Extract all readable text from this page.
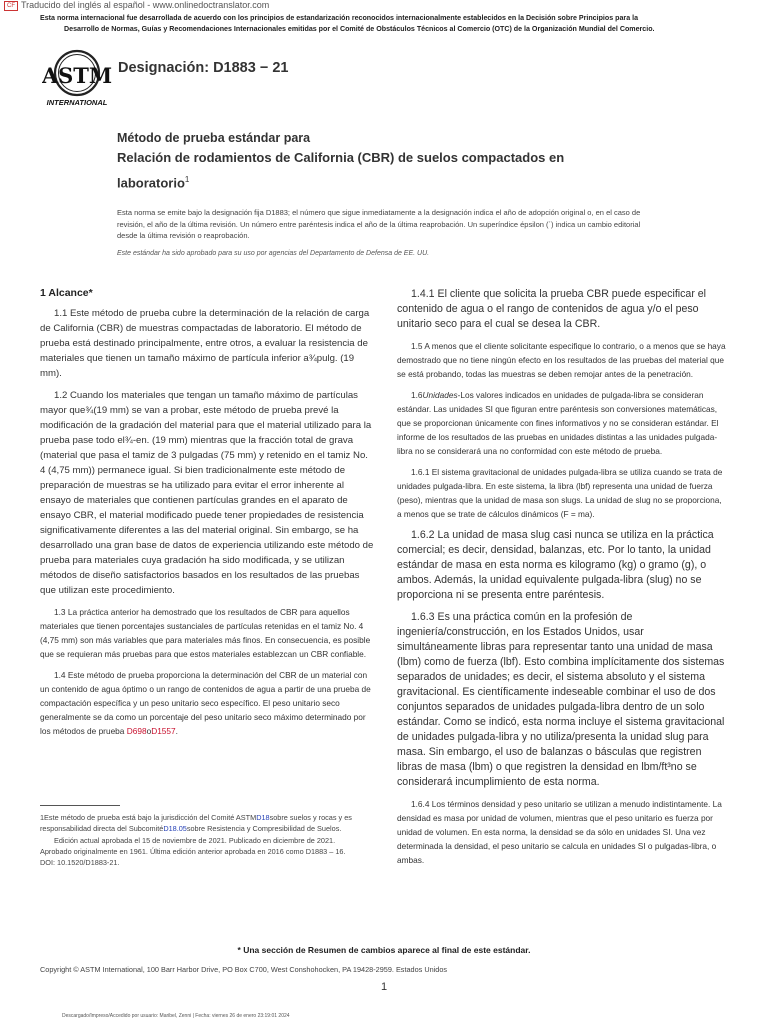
CF Traducido del inglés al español - www.onlinedoctranslator.com
Esta norma internacional fue desarrollada de acuerdo con los principios de estandarización reconocidos internacionalmente establecidos en la Decisión sobre Principios para la
Desarrollo de Normas, Guías y Recomendaciones Internacionales emitidas por el Comité de Obstáculos Técnicos al Comercio (OTC) de la Organización Mundial del Comercio.
ASTM
INTERNATIONAL
Designación: D1883 − 21
Método de prueba estándar para
Relación de rodamientos de California (CBR) de suelos compactados en
laboratorio$^1$
Esta norma se emite bajo la designación fija D1883; el número que sigue inmediatamente a la designación indica el año de adopción original o, en el caso de revisión, el año de la última revisión. Un número entre paréntesis indica el año de la última reaprobación. Un superíndice épsilon (´) indica un cambio editorial desde la última revisión o reaprobación.
Este estándar ha sido aprobado para su uso por agencias del Departamento de Defensa de EE. UU.
1 Alcance*

1.1 Este método de prueba cubre la determinación de la relación de carga de California (CBR) de muestras compactadas de laboratorio. El método de prueba está destinado principalmente, entre otros, a evaluar la resistencia de materiales que tienen un tamaño máximo de partícula inferior a¾pulg. (19 mm).

1.2 Cuando los materiales que tengan un tamaño máximo de partículas mayor que¾(19 mm) se van a probar, este método de prueba prevé la modificación de la gradación del material para que el material utilizado para la prueba pase todo el¾-en. (19 mm) mientras que la fracción total de grava (material que pasa el tamiz de 3 pulgadas (75 mm) y retenido en el tamiz No. 4 (4,75 mm)) permanece igual. Si bien tradicionalmente este método de preparación de muestras se ha utilizado para evitar el error inherente al ensayo de materiales que contienen partículas grandes en el aparato de ensayo CBR, el material modificado puede tener propiedades de resistencia significativamente diferentes a las del material original. Sin embargo, se ha desarrollado una gran base de datos de experiencia utilizando este método de prueba para materiales cuya gradación ha sido modificada, y se utilizan métodos de diseño satisfactorios basados en los resultados de las pruebas que utilizan este procedimiento.

1.3 La práctica anterior ha demostrado que los resultados de CBR para aquellos materiales que tienen porcentajes sustanciales de partículas retenidas en el tamiz No. 4 (4,75 mm) son más variables que para materiales más finos. En consecuencia, es posible que se requieran más pruebas para que estos materiales establezcan un CBR confiable.

1.4 Este método de prueba proporciona la determinación del CBR de un material con un contenido de agua óptimo o un rango de contenidos de agua a partir de una prueba de compactación específica y un peso unitario seco específico. El peso unitario seco generalmente se da como un porcentaje del peso unitario seco máximo determinado por los métodos de prueba D698oD1557.

1Este método de prueba está bajo la jurisdicción del Comité ASTMD18sobre suelos y rocas y es responsabilidad directa del SubcomitéD18.05sobre Resistencia y Compresibilidad de Suelos.
Edición actual aprobada el 15 de noviembre de 2021. Publicado en diciembre de 2021. Aprobado originalmente en 1961. Última edición anterior aprobada en 2016 como D1883 – 16. DOI: 10.1520/D1883-21.

1.4.1 El cliente que solicita la prueba CBR puede especificar el contenido de agua o el rango de contenidos de agua y/o el peso unitario seco para el cual se desea la CBR.

1.5 A menos que el cliente solicitante especifique lo contrario, o a menos que se haya demostrado que no tiene ningún efecto en los resultados de las pruebas del material que se está probando, todas las muestras se deben remojar antes de la penetración.

1.6Unidades-Los valores indicados en unidades de pulgada-libra se consideran estándar. Las unidades SI que figuran entre paréntesis son conversiones matemáticas, que se proporcionan únicamente con fines informativos y no se consideran estándar. El informe de los resultados de las pruebas en unidades distintas a las unidades pulgada-libra no se considerará una no conformidad con este método de prueba.

1.6.1 El sistema gravitacional de unidades pulgada-libra se utiliza cuando se trata de unidades pulgada-libra. En este sistema, la libra (lbf) representa una unidad de fuerza (peso), mientras que la unidad de masa son slugs. La unidad de slug no se proporciona, a menos que se trate de cálculos dinámicos (F = ma).

1.6.2 La unidad de masa slug casi nunca se utiliza en la práctica comercial; es decir, densidad, balanzas, etc. Por lo tanto, la unidad estándar de masa en esta norma es kilogramo (kg) o gramo (g), o ambos. Además, la unidad equivalente pulgada-libra (slug) no se proporciona ni se presenta entre paréntesis.

1.6.3 Es una práctica común en la profesión de ingeniería/construcción, en los Estados Unidos, usar simultáneamente libras para representar tanto una unidad de masa (lbm) como de fuerza (lbf). Esto combina implícitamente dos sistemas separados de unidades; es decir, el sistema absoluto y el sistema gravitacional. Es científicamente indeseable combinar el uso de dos conjuntos separados de unidades pulgada-libra dentro de un solo estándar. Como se indicó, esta norma incluye el sistema gravitacional de unidades pulgada-libra y no utiliza/presenta la unidad slug para masa. Sin embargo, el uso de balanzas o básculas que registren libras de masa (lbm) o que registren la densidad en lbm/ft³no se considerará incumplimiento de esta norma.

1.6.4 Los términos densidad y peso unitario se utilizan a menudo indistintamente. La densidad es masa por unidad de volumen, mientras que el peso unitario es fuerza por unidad de volumen. En esta norma, la densidad se da sólo en unidades SI. Una vez determinada la densidad, el peso unitario se calcula en unidades SI o pulgadas-libra, o ambas.

* Una sección de Resumen de cambios aparece al final de este estándar.
Copyright © ASTM International, 100 Barr Harbor Drive, PO Box C700, West Conshohocken, PA 19428-2959. Estados Unidos
1
Descargado/Impreso/Accedido por usuario: Maribel, Zenni | Fecha: viernes 26 de enero 23:19:01 2024
